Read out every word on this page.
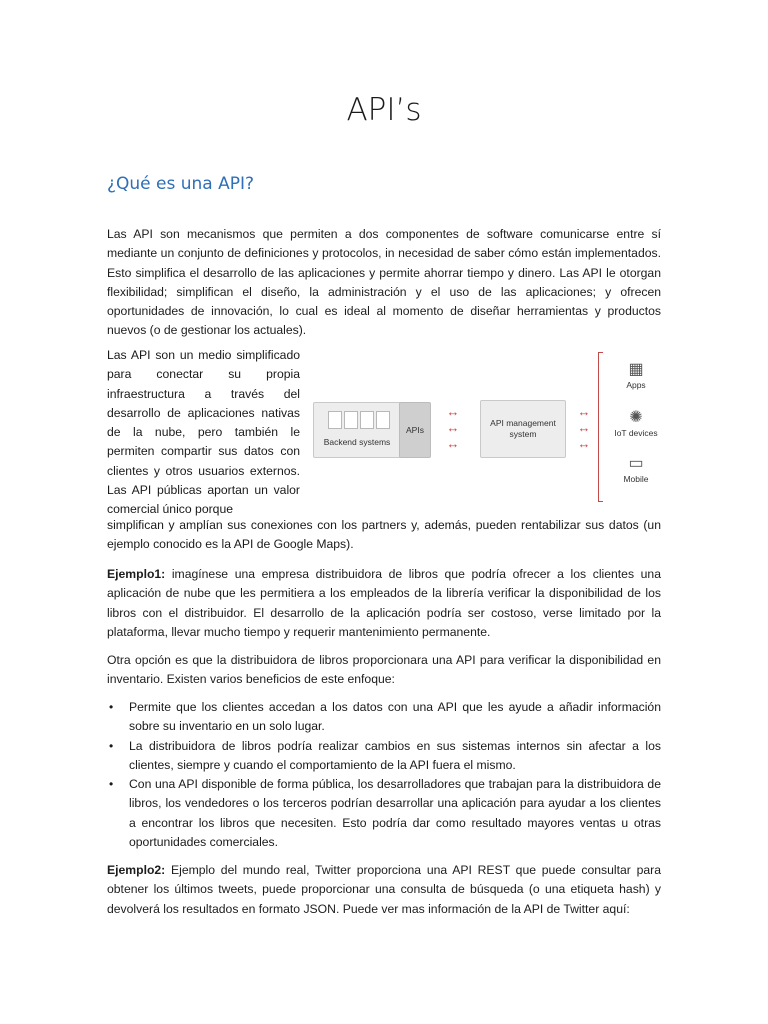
API’s
¿Qué es una API?

Las API son mecanismos que permiten a dos componentes de software comunicarse entre sí mediante un conjunto de definiciones y protocolos, in necesidad de saber cómo están implementados. Esto simplifica el desarrollo de las aplicaciones y permite ahorrar tiempo y dinero. Las API le otorgan flexibilidad; simplifican el diseño, la administración y el uso de las aplicaciones; y ofrecen oportunidades de innovación, lo cual es ideal al momento de diseñar herramientas y productos nuevos (o de gestionar los actuales).

Las API son un medio simplificado para conectar su propia infraestructura a través del desarrollo de aplicaciones nativas de la nube, pero también le permiten compartir sus datos con clientes y otros usuarios externos. Las API públicas aportan un valor comercial único porque

simplifican y amplían sus conexiones con los partners y, además, pueden rentabilizar sus datos (un ejemplo conocido es la API de Google Maps).

Backend systems
APIs
↔
↔
↔
API management system
↔
↔
↔
▦
Apps
✺
IoT devices
▭
Mobile

Ejemplo1: imagínese una empresa distribuidora de libros que podría ofrecer a los clientes una aplicación de nube que les permitiera a los empleados de la librería verificar la disponibilidad de los libros con el distribuidor. El desarrollo de la aplicación podría ser costoso, verse limitado por la plataforma, llevar mucho tiempo y requerir mantenimiento permanente.

Otra opción es que la distribuidora de libros proporcionara una API para verificar la disponibilidad en inventario. Existen varios beneficios de este enfoque:

• Permite que los clientes accedan a los datos con una API que les ayude a añadir información sobre su inventario en un solo lugar.
• La distribuidora de libros podría realizar cambios en sus sistemas internos sin afectar a los clientes, siempre y cuando el comportamiento de la API fuera el mismo.
• Con una API disponible de forma pública, los desarrolladores que trabajan para la distribuidora de libros, los vendedores o los terceros podrían desarrollar una aplicación para ayudar a los clientes a encontrar los libros que necesiten. Esto podría dar como resultado mayores ventas u otras oportunidades comerciales.

Ejemplo2: Ejemplo del mundo real, Twitter proporciona una API REST que puede consultar para obtener los últimos tweets, puede proporcionar una consulta de búsqueda (o una etiqueta hash) y devolverá los resultados en formato JSON. Puede ver mas información de la API de Twitter aquí:
